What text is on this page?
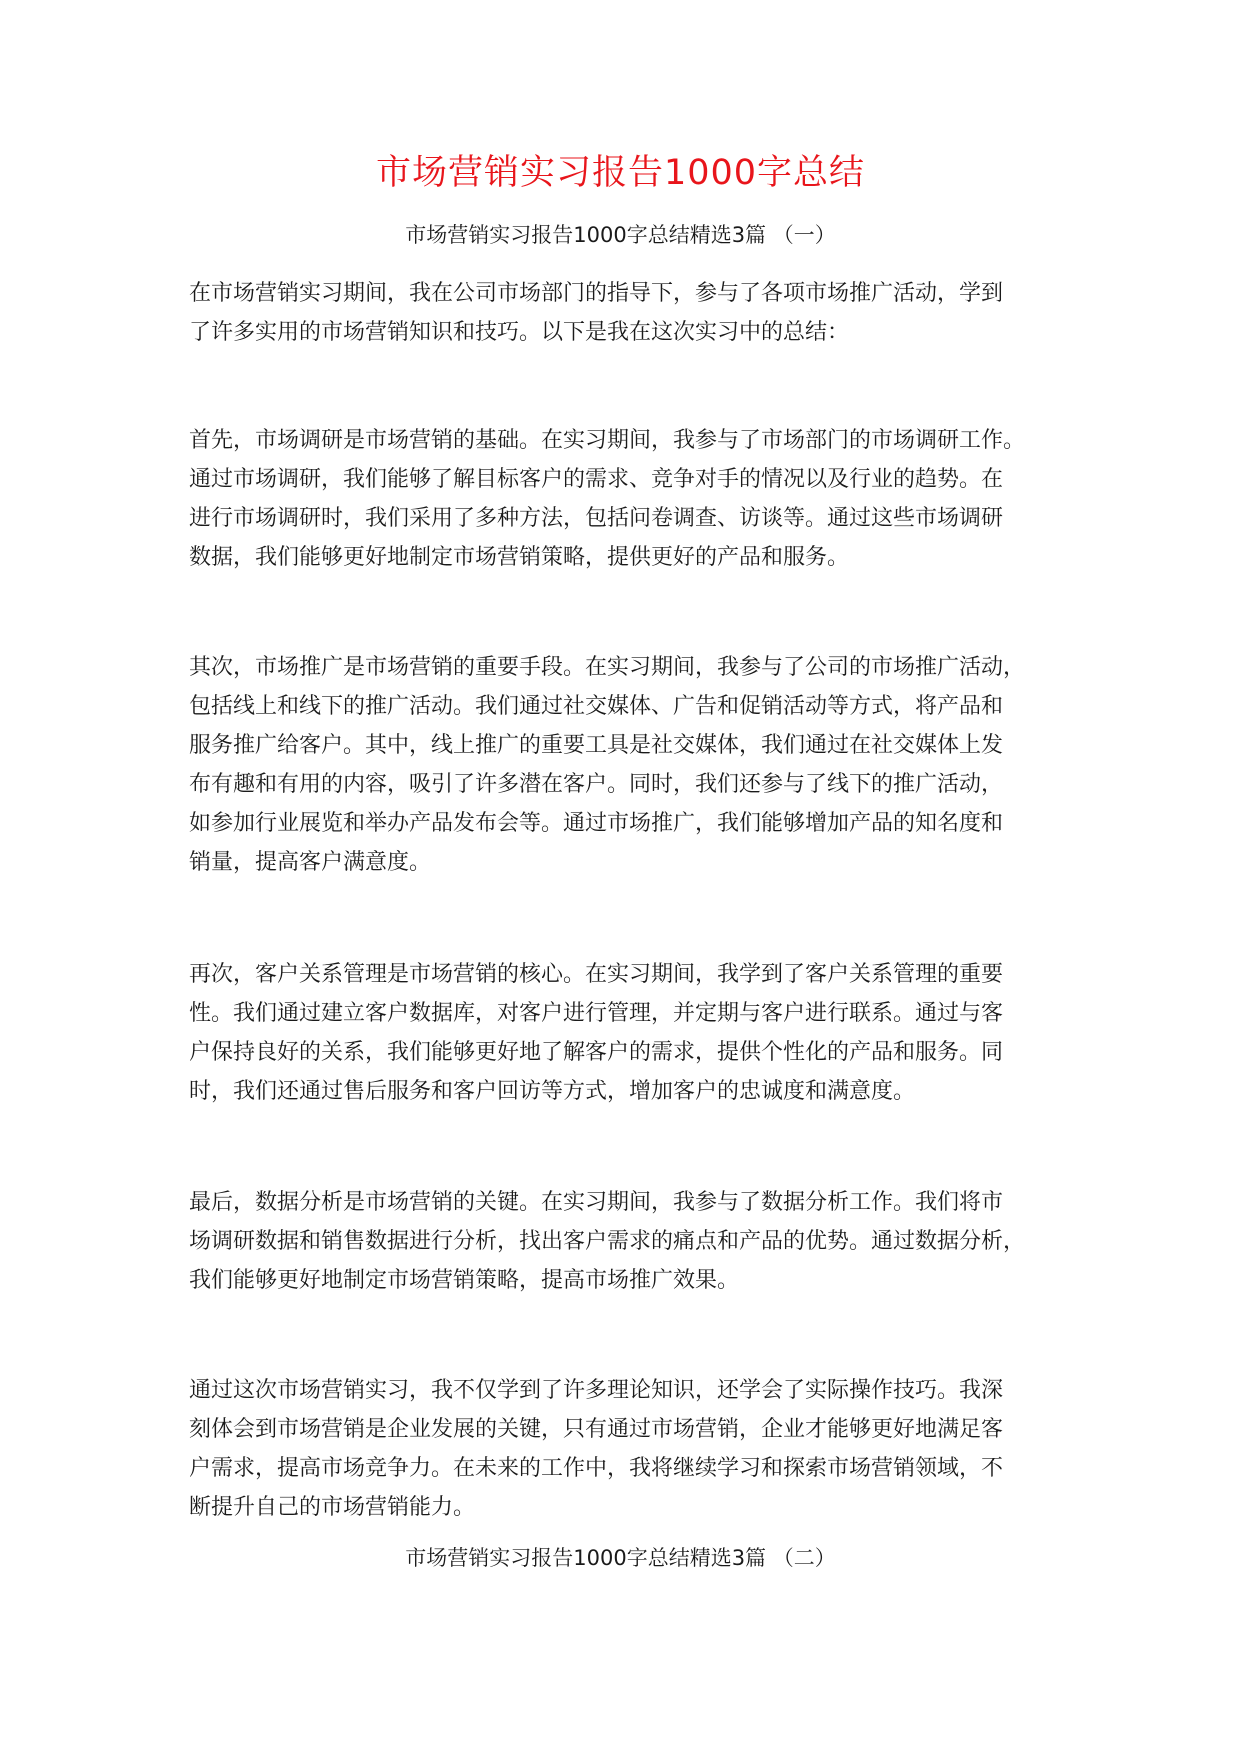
市场营销实习报告1000字总结

市场营销实习报告1000字总结精选3篇 （一）

在市场营销实习期间，我在公司市场部门的指导下，参与了各项市场推广活动，学到
了许多实用的市场营销知识和技巧。以下是我在这次实习中的总结：
首先，市场调研是市场营销的基础。在实习期间，我参与了市场部门的市场调研工作。
通过市场调研，我们能够了解目标客户的需求、竞争对手的情况以及行业的趋势。在
进行市场调研时，我们采用了多种方法，包括问卷调查、访谈等。通过这些市场调研
数据，我们能够更好地制定市场营销策略，提供更好的产品和服务。
其次，市场推广是市场营销的重要手段。在实习期间，我参与了公司的市场推广活动，
包括线上和线下的推广活动。我们通过社交媒体、广告和促销活动等方式，将产品和
服务推广给客户。其中，线上推广的重要工具是社交媒体，我们通过在社交媒体上发
布有趣和有用的内容，吸引了许多潜在客户。同时，我们还参与了线下的推广活动，
如参加行业展览和举办产品发布会等。通过市场推广，我们能够增加产品的知名度和
销量，提高客户满意度。
再次，客户关系管理是市场营销的核心。在实习期间，我学到了客户关系管理的重要
性。我们通过建立客户数据库，对客户进行管理，并定期与客户进行联系。通过与客
户保持良好的关系，我们能够更好地了解客户的需求，提供个性化的产品和服务。同
时，我们还通过售后服务和客户回访等方式，增加客户的忠诚度和满意度。
最后，数据分析是市场营销的关键。在实习期间，我参与了数据分析工作。我们将市
场调研数据和销售数据进行分析，找出客户需求的痛点和产品的优势。通过数据分析，
我们能够更好地制定市场营销策略，提高市场推广效果。
通过这次市场营销实习，我不仅学到了许多理论知识，还学会了实际操作技巧。我深
刻体会到市场营销是企业发展的关键，只有通过市场营销，企业才能够更好地满足客
户需求，提高市场竞争力。在未来的工作中，我将继续学习和探索市场营销领域，不
断提升自己的市场营销能力。

市场营销实习报告1000字总结精选3篇 （二）
